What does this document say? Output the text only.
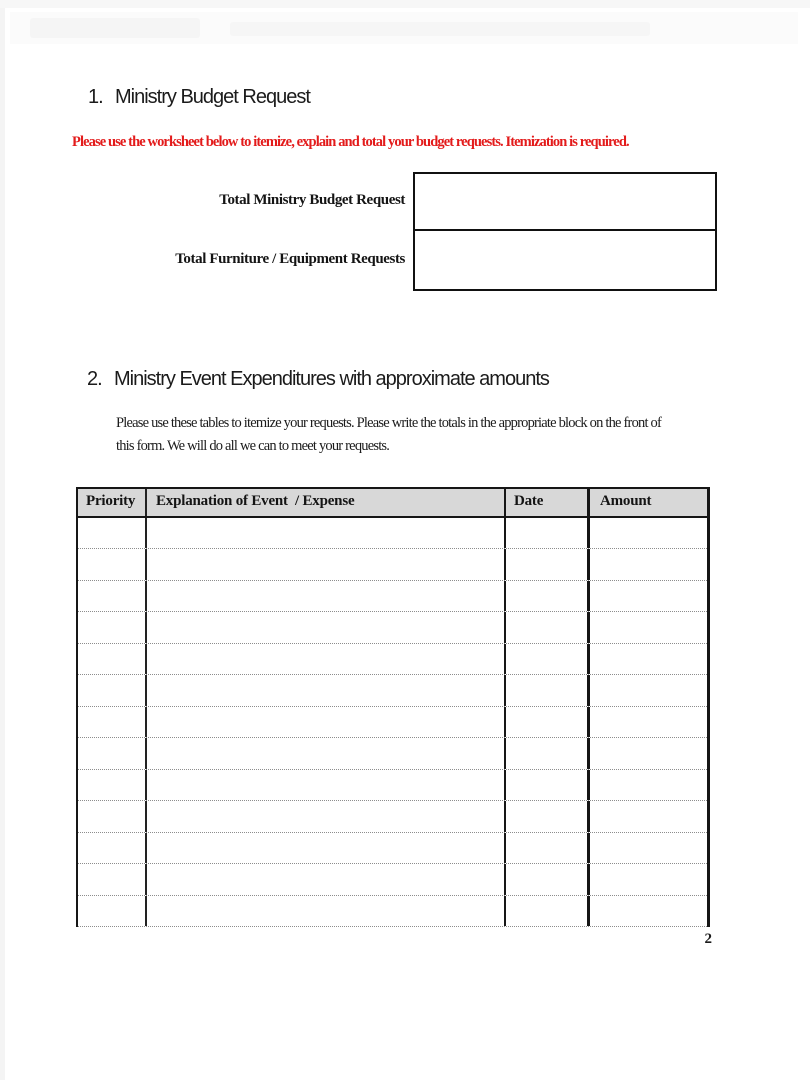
1. Ministry Budget Request
Please use the worksheet below to itemize, explain and total your budget requests. Itemization is required.
Total Ministry Budget Request
Total Furniture / Equipment Requests
2. Ministry Event Expenditures with approximate amounts
Please use these tables to itemize your requests. Please write the totals in the appropriate block on the front of
this form. We will do all we can to meet your requests.
Priority	Explanation of Event  / Expense	Date	Amount
2
